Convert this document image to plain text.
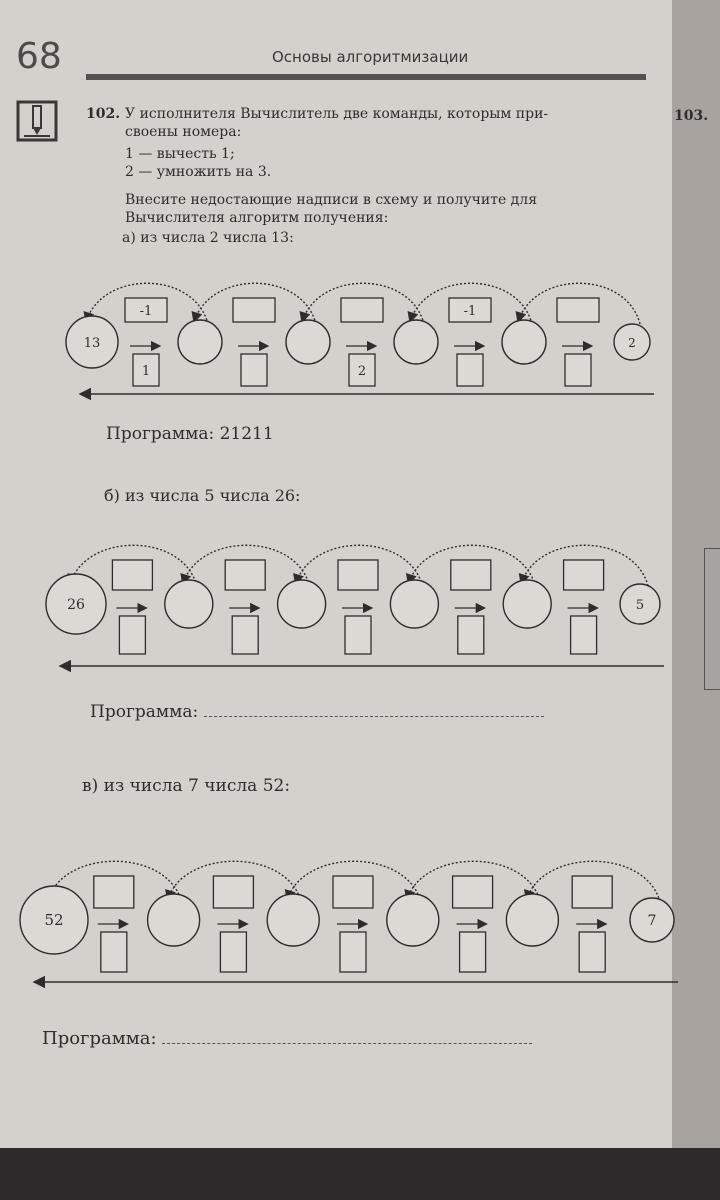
68	Основы алгоритмизации
102. У исполнителя Вычислитель две команды, которым при-
своены номера:
1 — вычесть 1;
2 — умножить на 3.
Внесите недостающие надписи в схему и получите для
Вычислителя алгоритм получения:
103.
а) из числа 2 числа 13:
-1
1	2
-1
13	2
Программа: 21211
б) из числа 5 числа 26:
26	5
Программа:
в) из числа 7 числа 52:
52	7
Программа:
